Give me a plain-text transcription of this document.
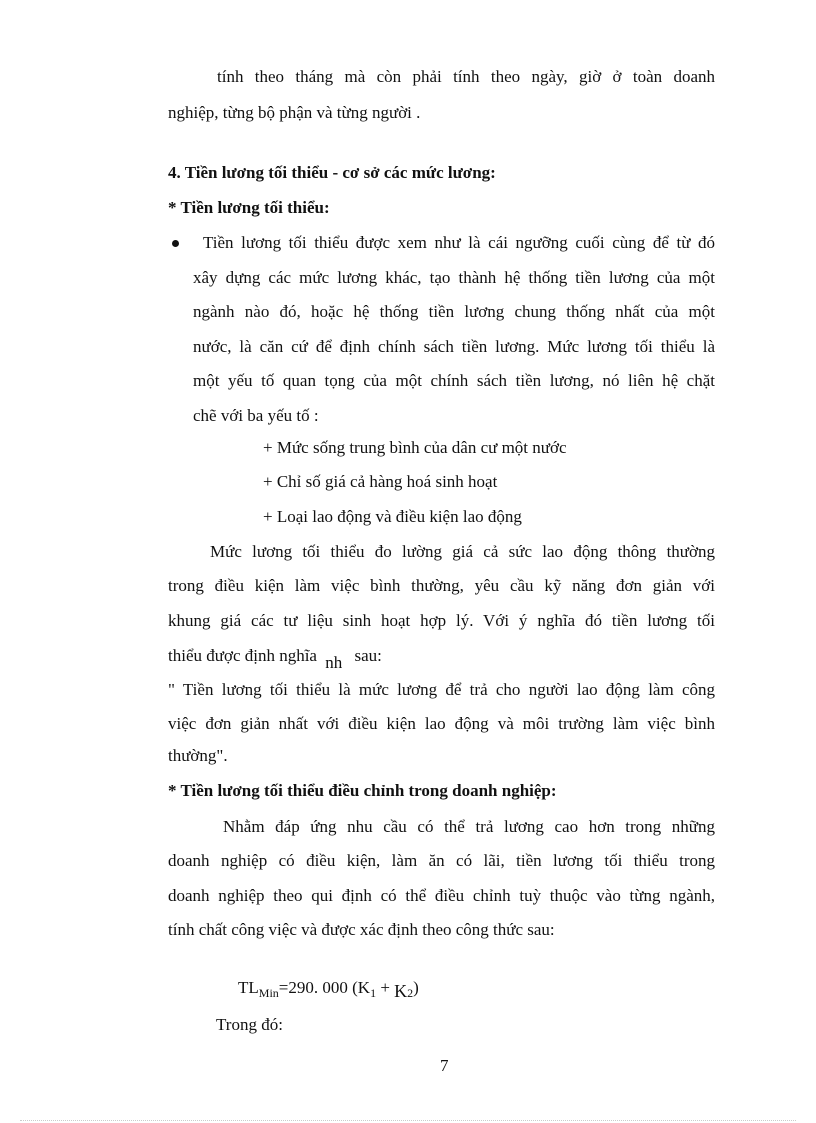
tính theo tháng mà còn phải tính theo ngày, giờ ở toàn doanh
nghiệp, từng bộ phận và từng người .
4. Tiền lương tối thiểu - cơ sở các mức lương:
* Tiền lương tối thiểu:
Tiền lương tối thiểu được xem như là cái ngưỡng cuối cùng để từ đó
xây dựng các mức lương khác, tạo thành hệ thống tiền lương của một
ngành nào đó, hoặc hệ thống tiền lương chung thống nhất của một
nước, là căn cứ để định chính sách tiền lương. Mức lương tối thiểu là
một yếu tố quan tọng của một chính sách tiền lương, nó liên hệ chặt
chẽ với ba yếu tố :
+ Mức sống trung bình của dân cư một nước
+ Chỉ số giá cả hàng hoá sinh hoạt
+ Loại lao động và điều kiện lao động
Mức lương tối thiểu đo lường giá cả sức lao động thông thường
trong điều kiện làm việc bình thường, yêu cầu kỹ năng đơn giản với
khung giá các tư liệu sinh hoạt hợp lý. Với ý nghĩa đó tiền lương tối
thiểu được định nghĩa nh sau:
" Tiền lương tối thiểu là mức lương để trả cho người lao động làm công
việc đơn giản nhất với điều kiện lao động và môi trường làm việc bình
thường".
* Tiền lương tối thiểu điều chỉnh trong doanh nghiệp:
Nhằm đáp ứng nhu cầu có thể trả lương cao hơn trong những
doanh nghiệp có điều kiện, làm ăn có lãi, tiền lương tối thiểu trong
doanh nghiệp theo qui định có thể điều chỉnh tuỳ thuộc vào từng ngành,
tính chất công việc và được xác định theo công thức sau:
$TL_{Min}=290$. 000 $(K_1 + K_2)$
Trong đó:
7
